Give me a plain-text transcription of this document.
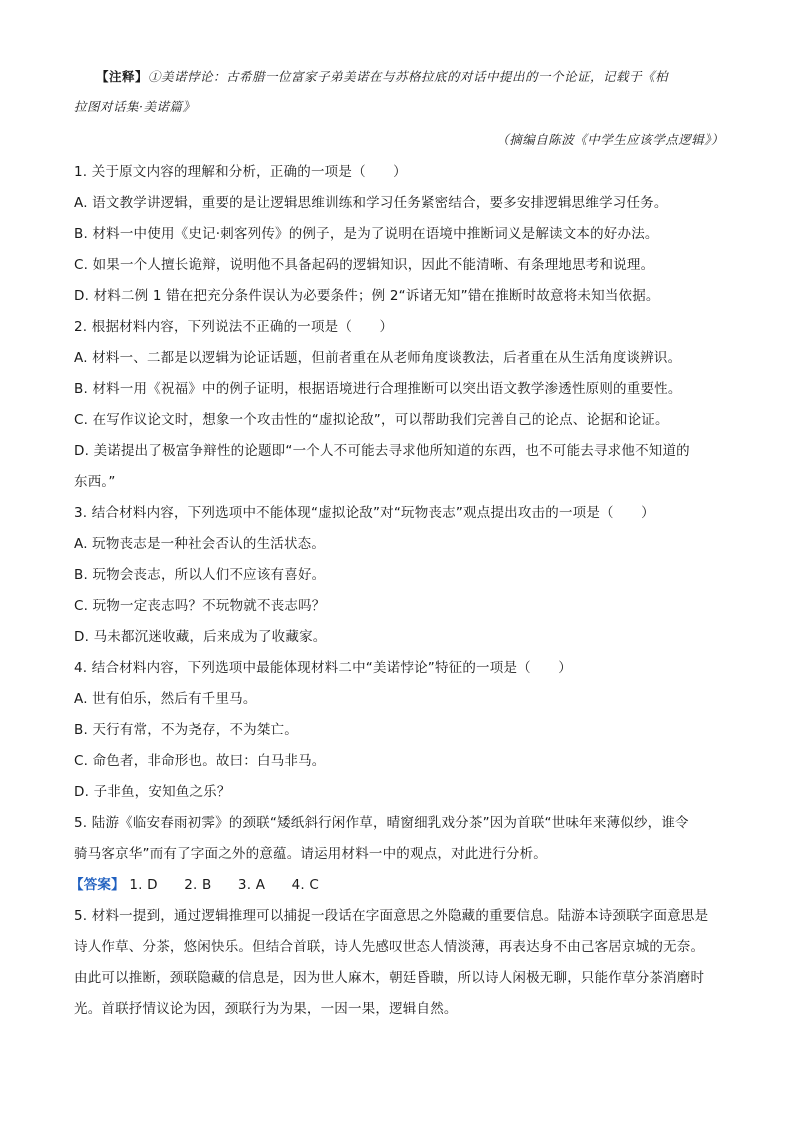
【注释】①美诺悖论：古希腊一位富家子弟美诺在与苏格拉底的对话中提出的一个论证，记载于《柏
拉图对话集·美诺篇》
（摘编自陈波《中学生应该学点逻辑》）
1. 关于原文内容的理解和分析，正确的一项是（　　）
A. 语文教学讲逻辑，重要的是让逻辑思维训练和学习任务紧密结合，要多安排逻辑思维学习任务。
B. 材料一中使用《史记·刺客列传》的例子，是为了说明在语境中推断词义是解读文本的好办法。
C. 如果一个人擅长诡辩，说明他不具备起码的逻辑知识，因此不能清晰、有条理地思考和说理。
D. 材料二例 1 错在把充分条件误认为必要条件；例 2“诉诸无知”错在推断时故意将未知当依据。
2. 根据材料内容，下列说法不正确的一项是（　　）
A. 材料一、二都是以逻辑为论证话题，但前者重在从老师角度谈教法，后者重在从生活角度谈辨识。
B. 材料一用《祝福》中的例子证明，根据语境进行合理推断可以突出语文教学渗透性原则的重要性。
C. 在写作议论文时，想象一个攻击性的“虚拟论敌”，可以帮助我们完善自己的论点、论据和论证。
D. 美诺提出了极富争辩性的论题即“一个人不可能去寻求他所知道的东西，也不可能去寻求他不知道的
东西。”
3. 结合材料内容，下列选项中不能体现“虚拟论敌”对“玩物丧志”观点提出攻击的一项是（　　）
A. 玩物丧志是一种社会否认的生活状态。
B. 玩物会丧志，所以人们不应该有喜好。
C. 玩物一定丧志吗？不玩物就不丧志吗？
D. 马未都沉迷收藏，后来成为了收藏家。
4. 结合材料内容，下列选项中最能体现材料二中“美诺悖论”特征的一项是（　　）
A. 世有伯乐，然后有千里马。
B. 天行有常，不为尧存，不为桀亡。
C. 命色者，非命形也。故曰：白马非马。
D. 子非鱼，安知鱼之乐？
5. 陆游《临安春雨初霁》的颈联“矮纸斜行闲作草，晴窗细乳戏分茶”因为首联“世味年来薄似纱，谁令
骑马客京华”而有了字面之外的意蕴。请运用材料一中的观点，对此进行分析。
【答案】 1. D 2. B 3. A 4. C
5. 材料一提到，通过逻辑推理可以捕捉一段话在字面意思之外隐藏的重要信息。陆游本诗颈联字面意思是
诗人作草、分茶，悠闲快乐。但结合首联，诗人先感叹世态人情淡薄，再表达身不由己客居京城的无奈。
由此可以推断，颈联隐藏的信息是，因为世人麻木，朝廷昏聩，所以诗人闲极无聊，只能作草分茶消磨时
光。首联抒情议论为因，颈联行为为果，一因一果，逻辑自然。
